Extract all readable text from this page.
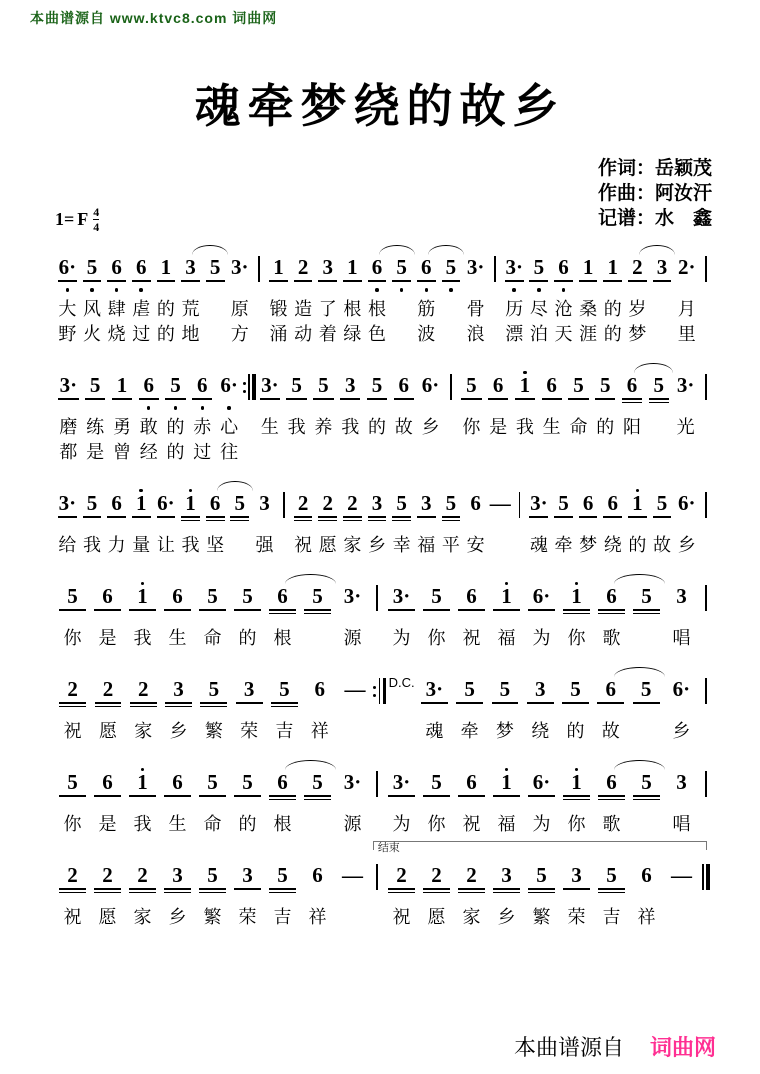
本曲谱源自 www.ktvc8.com 词曲网
魂牵梦绕的故乡
作词：岳颖茂
作曲：阿汝汗
记谱：水　鑫
1= F $\frac{4}{4}$
6·
大
野
5
风
火
6
肆
烧
6
虐
过
1
的
的
3
荒
地
5 3·
原
方
1
锻
涌
2
造
动
3
了
着
1
根
绿
6
根
色
5 6
筋
波
5 3·
骨
浪
3·
历
漂
5
尽
泊
6
沧
天
1
桑
涯
1
的
的
2
岁
梦
3 2·
月
里
3·
磨
都
5
练
是
1
勇
曾
6
敢
经
5
的
的
6
赤
过
6·
心
往
3·
生
5
我
5
养
3
我
5
的
6
故
6·
乡
5
你
6
是
1
我
6
生
5
命
5
的
6
阳
5 3·
光
3·
给
5
我
6
力
1
量
6·
让
1
我
6
坚
5 3
强
2
祝
2
愿
2
家
3
乡
5
幸
3
福
5
平
6
安
— 3·
魂
5
牵
6
梦
6
绕
1
的
5
故
6·
乡
5
你
6
是
1
我
6
生
5
命
5
的
6
根
5 3·
源
3·
为
5
你
6
祝
1
福
6·
为
1
你
6
歌
5 3
唱
2
祝
2
愿
2
家
3
乡
5
繁
3
荣
5
吉
6
祥
— D.C. 3·
魂
5
牵
5
梦
3
绕
5
的
6
故
5 6·
乡
5
你
6
是
1
我
6
生
5
命
5
的
6
根
5 3·
源
3·
为
5
你
6
祝
1
福
6·
为
1
你
6
歌
5 3
唱
结束
2
祝
2
愿
2
家
3
乡
5
繁
3
荣
5
吉
6
祥
— 2
祝
2
愿
2
家
3
乡
5
繁
3
荣
5
吉
6
祥
—
本曲谱源自 词曲网
